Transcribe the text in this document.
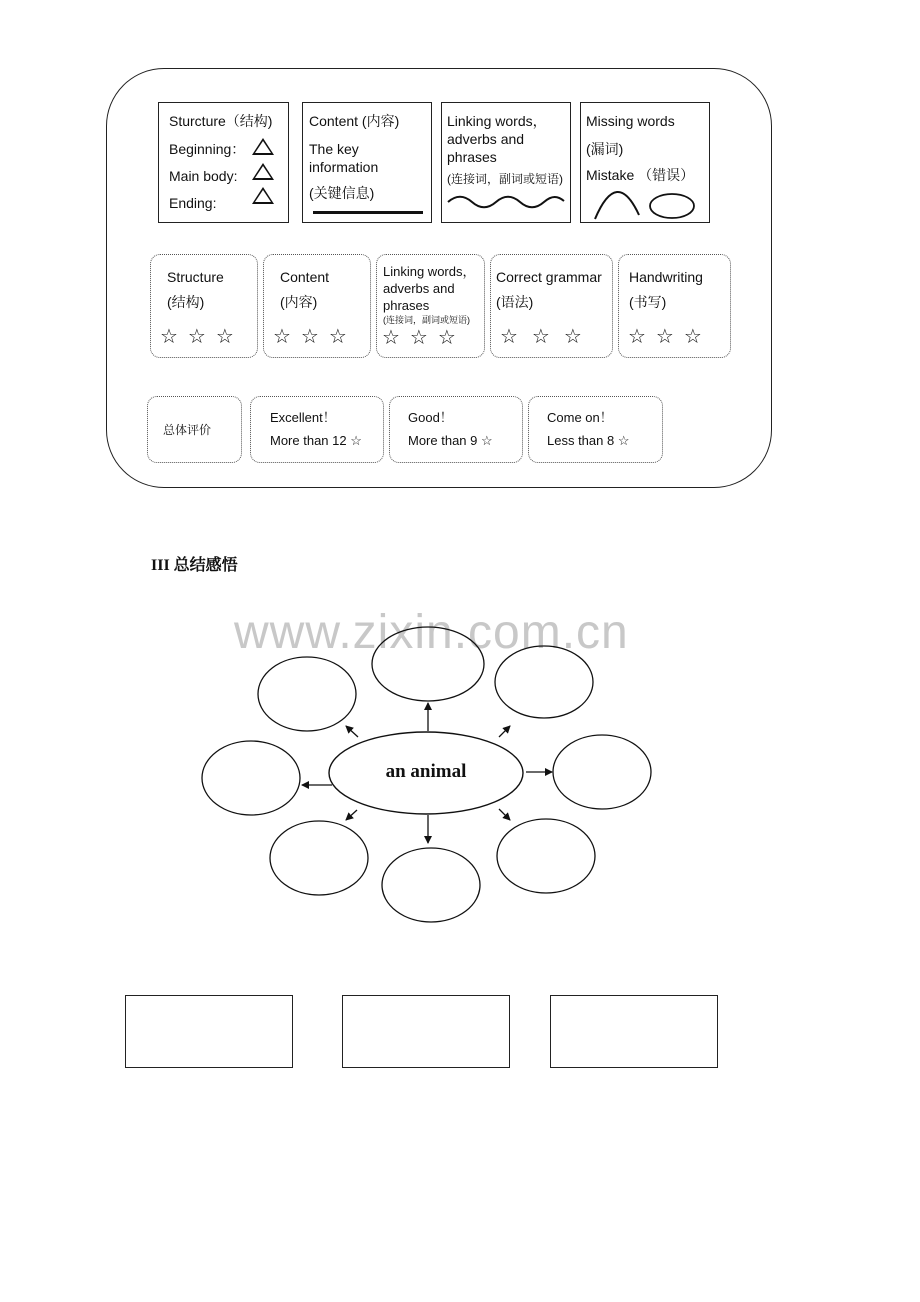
Sturcture（结构)
Beginning：
Main body:
Ending:
Content (内容)
The key
information
(关键信息)
Linking words，
adverbs and
phrases
(连接词，副词或短语)
Missing words
(漏词)
Mistake （错误）
Structure
(结构)
☆☆☆
Content
(内容)
☆☆☆
Linking words，
adverbs and
phrases
(连接词，副词或短语)
☆☆☆
Correct grammar
(语法)
☆☆☆
Handwriting
(书写)
☆☆☆
总体评价
Excellent！
More than 12 ☆
Good！
More than 9 ☆
Come on！
Less than 8 ☆
III 总结感悟
www.zixin.com.cn
an animal
